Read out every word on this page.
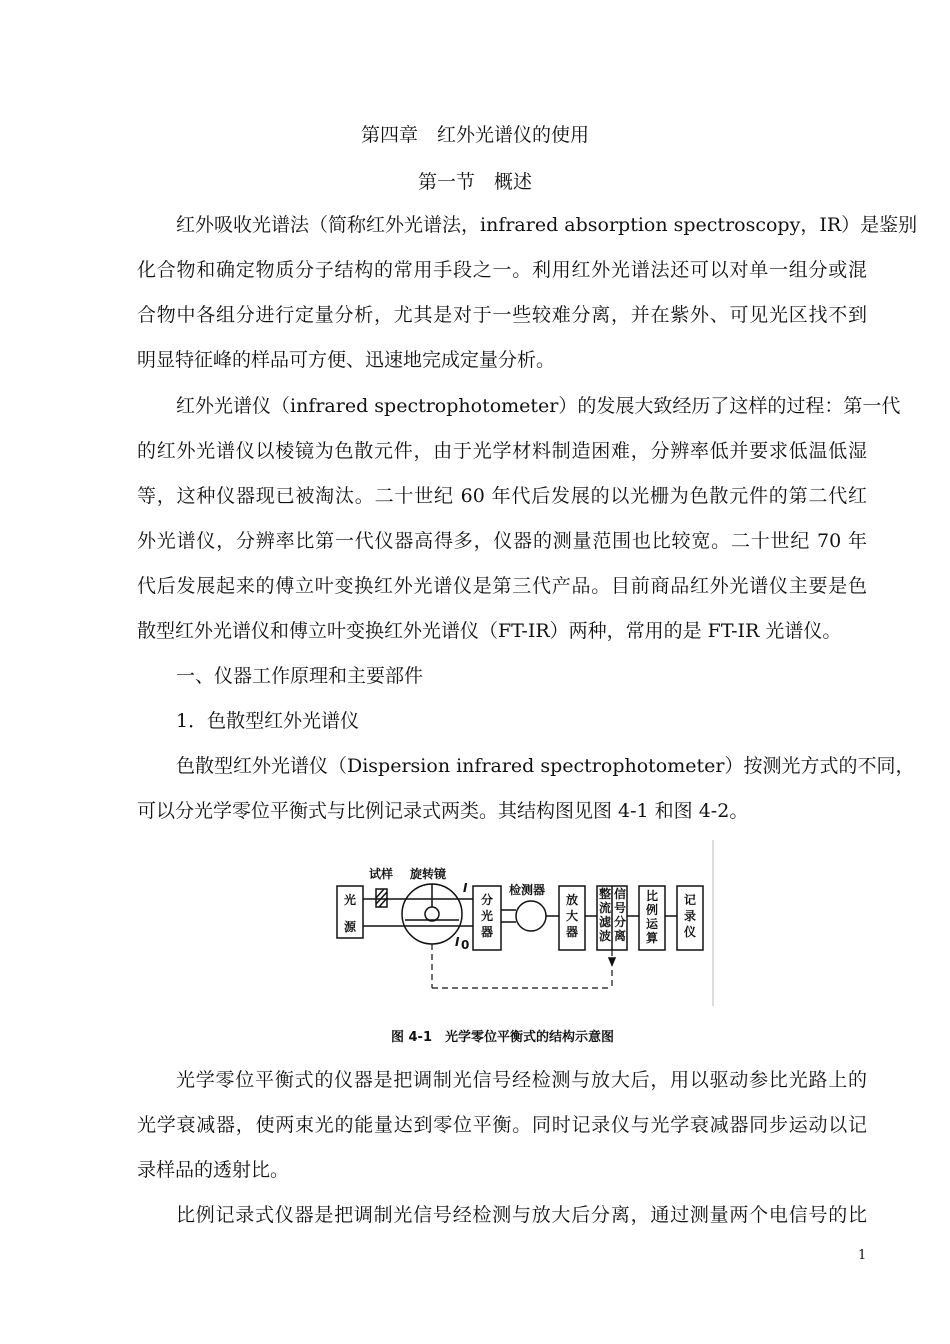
第四章　红外光谱仪的使用
第一节　概述
红外吸收光谱法（简称红外光谱法，infrared absorption spectroscopy，IR）是鉴别
化合物和确定物质分子结构的常用手段之一。利用红外光谱法还可以对单一组分或混
合物中各组分进行定量分析，尤其是对于一些较难分离，并在紫外、可见光区找不到
明显特征峰的样品可方便、迅速地完成定量分析。
红外光谱仪（infrared spectrophotometer）的发展大致经历了这样的过程：第一代
的红外光谱仪以棱镜为色散元件，由于光学材料制造困难，分辨率低并要求低温低湿
等，这种仪器现已被淘汰。二十世纪 60 年代后发展的以光栅为色散元件的第二代红
外光谱仪，分辨率比第一代仪器高得多，仪器的测量范围也比较宽。二十世纪 70 年
代后发展起来的傅立叶变换红外光谱仪是第三代产品。目前商品红外光谱仪主要是色
散型红外光谱仪和傅立叶变换红外光谱仪（FT-IR）两种，常用的是 FT-IR 光谱仪。
一、仪器工作原理和主要部件
1．色散型红外光谱仪
色散型红外光谱仪（Dispersion infrared spectrophotometer）按测光方式的不同，
可以分光学零位平衡式与比例记录式两类。其结构图见图 4-1 和图 4-2。
试样 旋转镜
检测器
I
I 0
光
源
分
光
器
放
大
器
整
流
滤
波
信
号
分
离
比
例
运
算
记
录
仪
图 4-1　光学零位平衡式的结构示意图
光学零位平衡式的仪器是把调制光信号经检测与放大后，用以驱动参比光路上的
光学衰减器，使两束光的能量达到零位平衡。同时记录仪与光学衰减器同步运动以记
录样品的透射比。
比例记录式仪器是把调制光信号经检测与放大后分离，通过测量两个电信号的比
1
